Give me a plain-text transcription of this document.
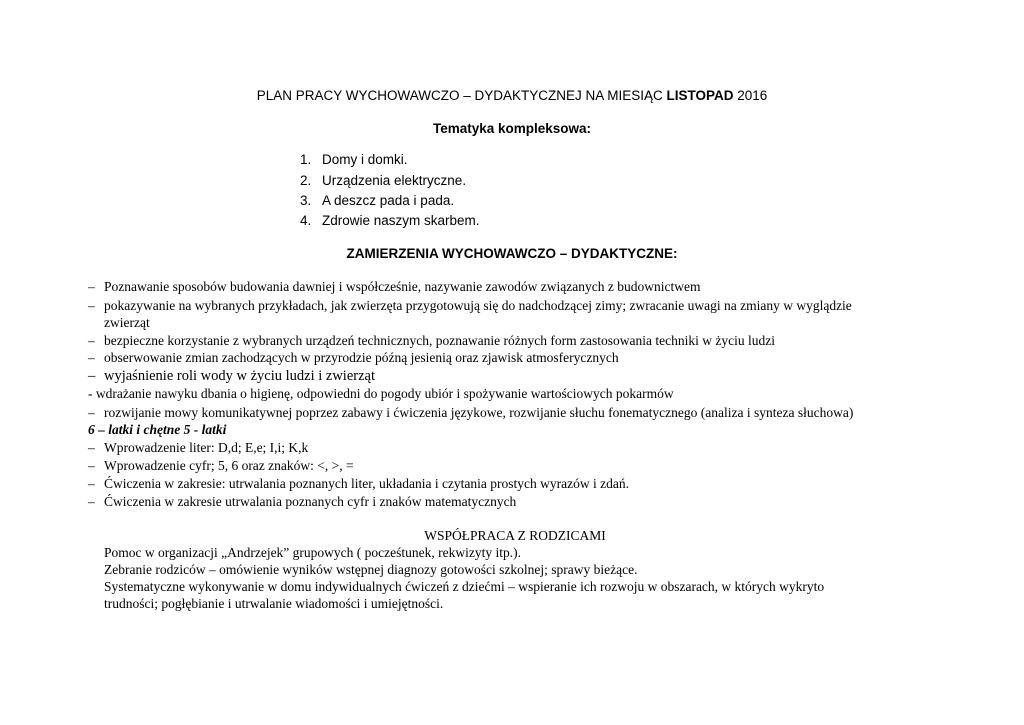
PLAN PRACY WYCHOWAWCZO – DYDAKTYCZNEJ NA MIESIĄC LISTOPAD 2016
Tematyka kompleksowa:
1. Domy i domki.
2. Urządzenia elektryczne.
3. A deszcz pada i pada.
4. Zdrowie naszym skarbem.
ZAMIERZENIA WYCHOWAWCZO – DYDAKTYCZNE:
– Poznawanie sposobów budowania dawniej i współcześnie, nazywanie zawodów związanych z budownictwem
– pokazywanie na wybranych przykładach, jak zwierzęta przygotowują się do nadchodzącej zimy; zwracanie uwagi na zmiany w wyglądzie
zwierząt
– bezpieczne korzystanie z wybranych urządzeń technicznych, poznawanie różnych form zastosowania techniki w życiu ludzi
– obserwowanie zmian zachodzących w przyrodzie późną jesienią oraz zjawisk atmosferycznych
– wyjaśnienie roli wody w życiu ludzi i zwierząt
- wdrażanie nawyku dbania o higienę, odpowiedni do pogody ubiór i spożywanie wartościowych pokarmów
– rozwijanie mowy komunikatywnej poprzez zabawy i ćwiczenia językowe, rozwijanie słuchu fonematycznego (analiza i synteza słuchowa)
6 – latki i chętne 5 - latki
– Wprowadzenie liter: D,d; E,e; I,i; K,k
– Wprowadzenie cyfr; 5, 6 oraz znaków: <, >, =
– Ćwiczenia w zakresie: utrwalania poznanych liter, układania i czytania prostych wyrazów i zdań.
– Ćwiczenia w zakresie utrwalania poznanych cyfr i znaków matematycznych
WSPÓŁPRACA Z RODZICAMI
Pomoc w organizacji „Andrzejek” grupowych ( pocześtunek, rekwizyty itp.).
Zebranie rodziców – omówienie wyników wstępnej diagnozy gotowości szkolnej; sprawy bieżące.
Systematyczne wykonywanie w domu indywidualnych ćwiczeń z dziećmi – wspieranie ich rozwoju w obszarach, w których wykryto
trudności; pogłębianie i utrwalanie wiadomości i umiejętności.
